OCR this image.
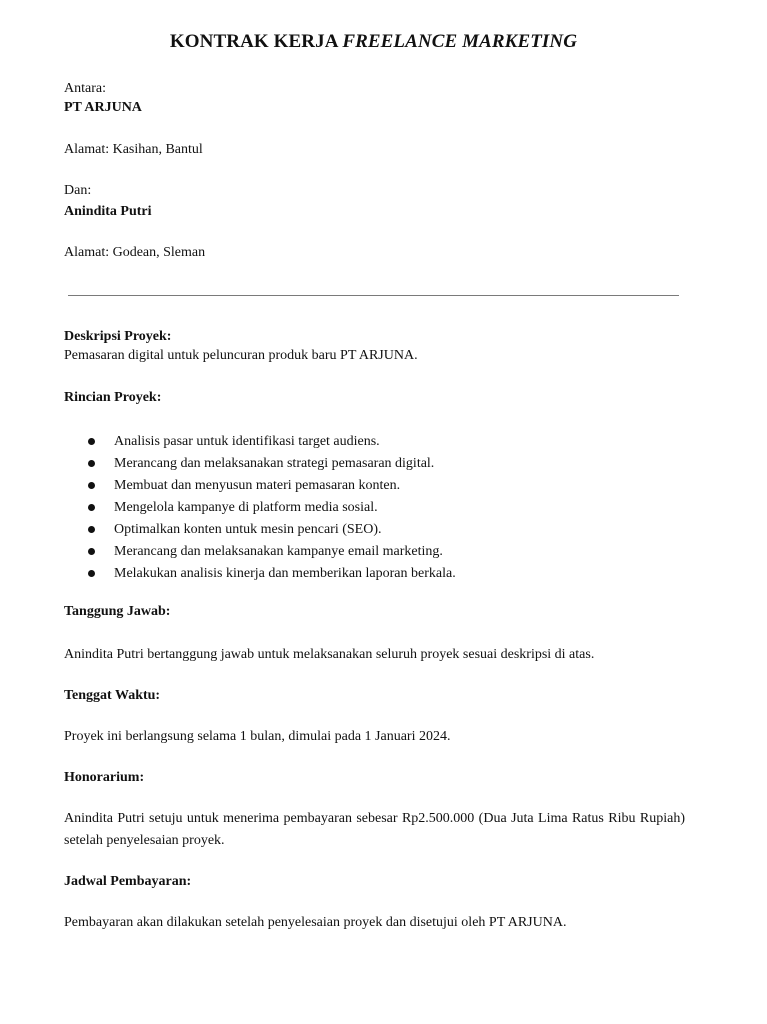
KONTRAK KERJA FREELANCE MARKETING
Antara:
PT ARJUNA
Alamat: Kasihan, Bantul
Dan:
Anindita Putri
Alamat: Godean, Sleman
Deskripsi Proyek:
Pemasaran digital untuk peluncuran produk baru PT ARJUNA.
Rincian Proyek:
Analisis pasar untuk identifikasi target audiens.
Merancang dan melaksanakan strategi pemasaran digital.
Membuat dan menyusun materi pemasaran konten.
Mengelola kampanye di platform media sosial.
Optimalkan konten untuk mesin pencari (SEO).
Merancang dan melaksanakan kampanye email marketing.
Melakukan analisis kinerja dan memberikan laporan berkala.
Tanggung Jawab:
Anindita Putri bertanggung jawab untuk melaksanakan seluruh proyek sesuai deskripsi di atas.
Tenggat Waktu:
Proyek ini berlangsung selama 1 bulan, dimulai pada 1 Januari 2024.
Honorarium:
Anindita Putri setuju untuk menerima pembayaran sebesar Rp2.500.000 (Dua Juta Lima Ratus Ribu Rupiah) setelah penyelesaian proyek.
Jadwal Pembayaran:
Pembayaran akan dilakukan setelah penyelesaian proyek dan disetujui oleh PT ARJUNA.
